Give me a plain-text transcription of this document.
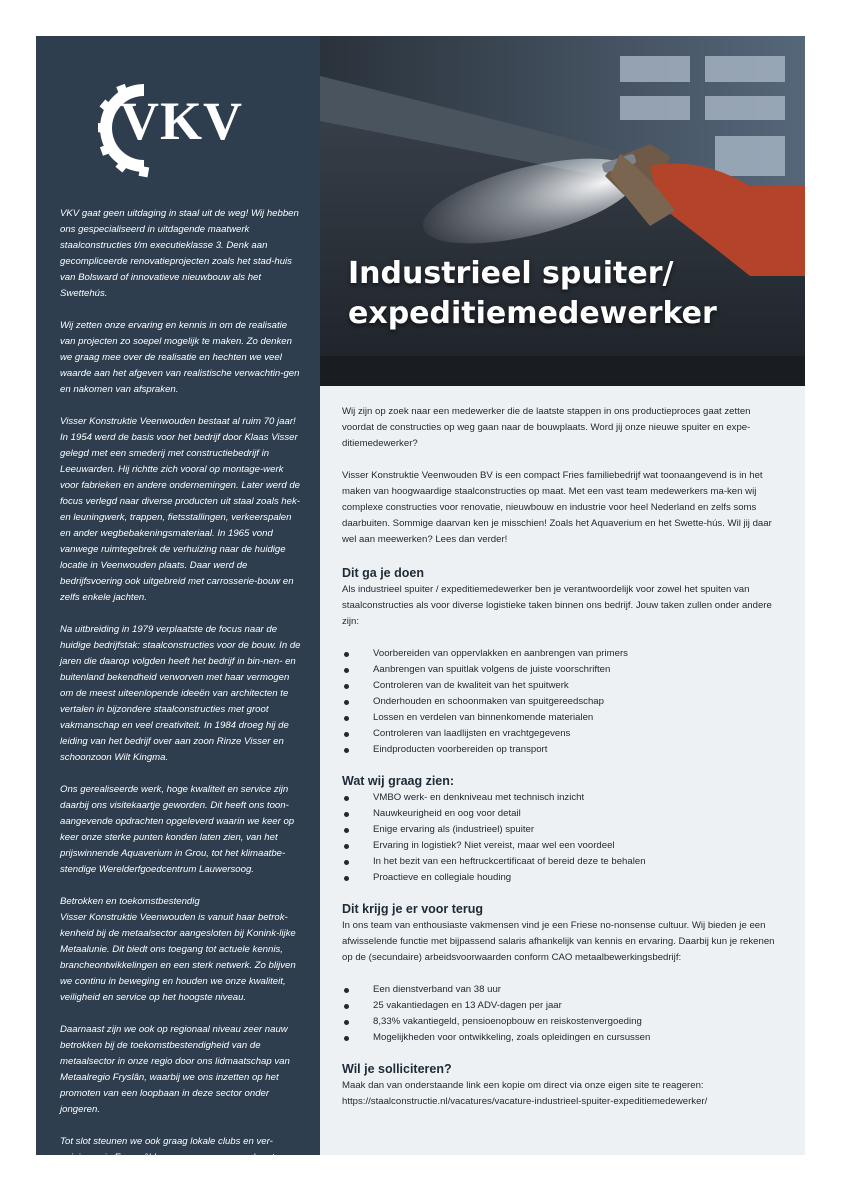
VKV

VKV gaat geen uitdaging in staal uit de weg! Wij hebben ons gespecialiseerd in uitdagende maatwerk staalconstructies t/m executieklasse 3. Denk aan gecompliceerde renovatieprojecten zoals het stad-huis van Bolsward of innovatieve nieuwbouw als het Swettehús.

Wij zetten onze ervaring en kennis in om de realisatie van projecten zo soepel mogelijk te maken. Zo denken we graag mee over de realisatie en hechten we veel waarde aan het afgeven van realistische verwachtin-gen en nakomen van afspraken.

Visser Konstruktie Veenwouden bestaat al ruim 70 jaar! In 1954 werd de basis voor het bedrijf door Klaas Visser gelegd met een smederij met constructiebedrijf in Leeuwarden. Hij richtte zich vooral op montage-werk voor fabrieken en andere ondernemingen. Later werd de focus verlegd naar diverse producten uit staal zoals hek- en leuningwerk, trappen, fietsstallingen, verkeerspalen en ander wegbebakeningsmateriaal. In 1965 vond vanwege ruimtegebrek de verhuizing naar de huidige locatie in Veenwouden plaats. Daar werd de bedrijfsvoering ook uitgebreid met carrosserie-bouw en zelfs enkele jachten.

Na uitbreiding in 1979 verplaatste de focus naar de huidige bedrijfstak: staalconstructies voor de bouw. In de jaren die daarop volgden heeft het bedrijf in bin-nen- en buitenland bekendheid verworven met haar vermogen om de meest uiteenlopende ideeën van architecten te vertalen in bijzondere staalconstructies met groot vakmanschap en veel creativiteit. In 1984 droeg hij de leiding van het bedrijf over aan zoon Rinze Visser en schoonzoon Wilt Kingma.

Ons gerealiseerde werk, hoge kwaliteit en service zijn daarbij ons visitekaartje geworden. Dit heeft ons toon-aangevende opdrachten opgeleverd waarin we keer op keer onze sterke punten konden laten zien, van het prijswinnende Aquaverium in Grou, tot het klimaatbe-stendige Werelderfgoedcentrum Lauwersoog.

Betrokken en toekomstbestendig
Visser Konstruktie Veenwouden is vanuit haar betrok-kenheid bij de metaalsector aangesloten bij Konink-lijke Metaalunie. Dit biedt ons toegang tot actuele kennis, brancheontwikkelingen en een sterk netwerk. Zo blijven we continu in beweging en houden we onze kwaliteit, veiligheid en service op het hoogste niveau.

Daarnaast zijn we ook op regionaal niveau zeer nauw betrokken bij de toekomstbestendigheid van de metaalsector in onze regio door ons lidmaatschap van Metaalregio Fryslân, waarbij we ons inzetten op het promoten van een loopbaan in deze sector onder jongeren.

Tot slot steunen we ook graag lokale clubs en ver-enigingen in Feanwâlden om onze gemeenschap te steunen.

Industrieel spuiter/
expeditiemedewerker

Wij zijn op zoek naar een medewerker die de laatste stappen in ons productieproces gaat zetten voordat de constructies op weg gaan naar de bouwplaats. Word jij onze nieuwe spuiter en expe-ditiemedewerker?

Visser Konstruktie Veenwouden BV is een compact Fries familiebedrijf wat toonaangevend is in het maken van hoogwaardige staalconstructies op maat. Met een vast team medewerkers ma-ken wij complexe constructies voor renovatie, nieuwbouw en industrie voor heel Nederland en zelfs soms daarbuiten. Sommige daarvan ken je misschien! Zoals het Aquaverium en het Swette-hús. Wil jij daar wel aan meewerken? Lees dan verder!

Dit ga je doen

Als industrieel spuiter / expeditiemedewerker ben je verantwoordelijk voor zowel het spuiten van staalconstructies als voor diverse logistieke taken binnen ons bedrijf. Jouw taken zullen onder andere zijn:

Voorbereiden van oppervlakken en aanbrengen van primers
Aanbrengen van spuitlak volgens de juiste voorschriften
Controleren van de kwaliteit van het spuitwerk
Onderhouden en schoonmaken van spuitgereedschap
Lossen en verdelen van binnenkomende materialen
Controleren van laadlijsten en vrachtgegevens
Eindproducten voorbereiden op transport
Wat wij graag zien:
VMBO werk- en denkniveau met technisch inzicht
Nauwkeurigheid en oog voor detail
Enige ervaring als (industrieel) spuiter
Ervaring in logistiek? Niet vereist, maar wel een voordeel
In het bezit van een heftruckcertificaat of bereid deze te behalen
Proactieve en collegiale houding
Dit krijg je er voor terug

In ons team van enthousiaste vakmensen vind je een Friese no-nonsense cultuur. Wij bieden je een afwisselende functie met bijpassend salaris afhankelijk van kennis en ervaring. Daarbij kun je rekenen op de (secundaire) arbeidsvoorwaarden conform CAO metaalbewerkingsbedrijf:

Een dienstverband van 38 uur
25 vakantiedagen en 13 ADV-dagen per jaar
8,33% vakantiegeld, pensioenopbouw en reiskostenvergoeding
Mogelijkheden voor ontwikkeling, zoals opleidingen en cursussen
Wil je solliciteren?

Maak dan van onderstaande link een kopie om direct via onze eigen site te reageren:
https://staalconstructie.nl/vacatures/vacature-industrieel-spuiter-expeditiemedewerker/
